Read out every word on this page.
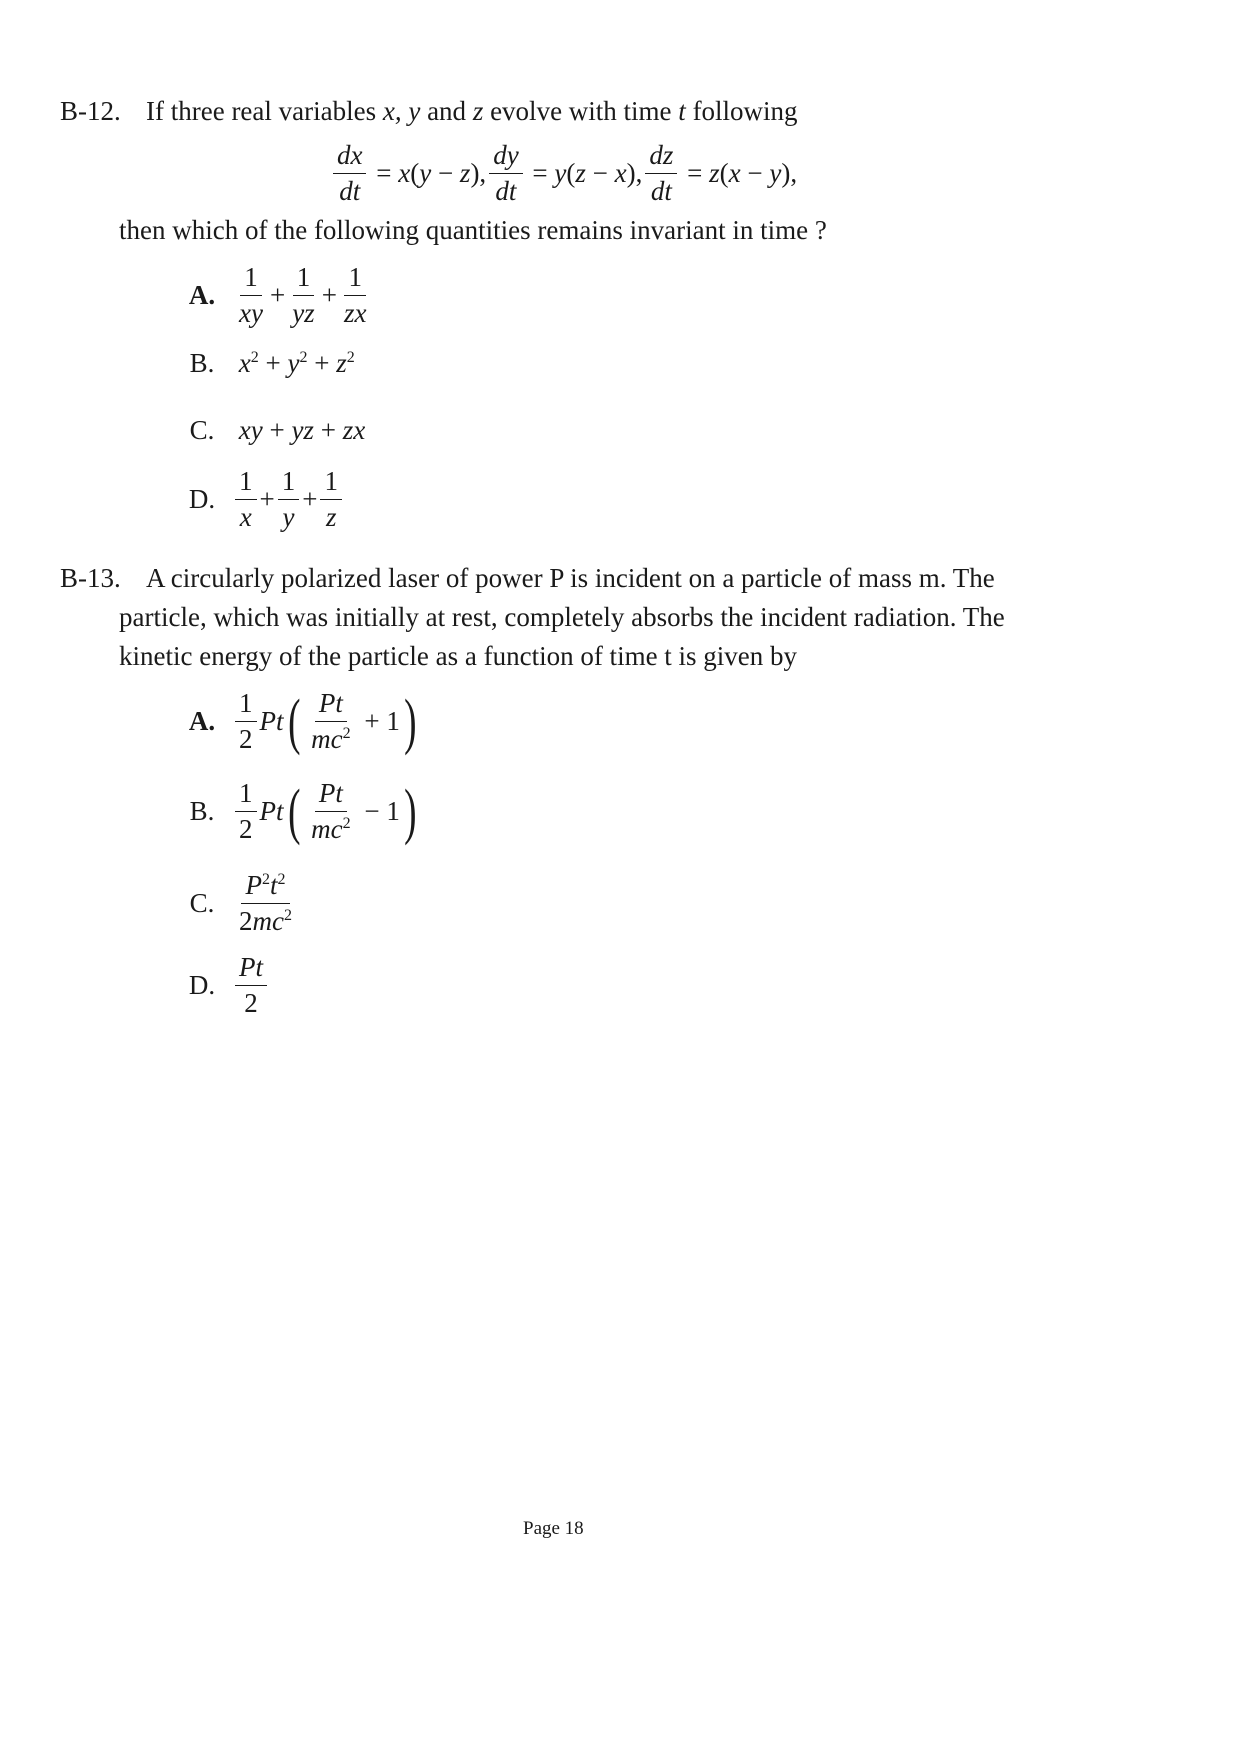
B-12. If three real variables x, y and z evolve with time t following
$\frac{dx}{dt} = x(y - z)$, $\frac{dy}{dt} = y(z - x)$, $\frac{dz}{dt} = z(x - y)$,
then which of the following quantities remains invariant in time ?
A. $\frac{1}{xy} + \frac{1}{yz} + \frac{1}{zx}$
B. $x^2 + y^2 + z^2$
C. xy + yz + zx
D. $\frac{1}{x} + \frac{1}{y} + \frac{1}{z}$
B-13. A circularly polarized laser of power P is incident on a particle of mass m. The
particle, which was initially at rest, completely absorbs the incident radiation. The
kinetic energy of the particle as a function of time t is given by
A. $\frac{1}{2}$ Pt ( $\frac{Pt}{mc^2} + 1$ )
B. $\frac{1}{2}$ Pt ( $\frac{Pt}{mc^2} - 1$ )
C. $\frac{P^2t^2}{2mc^2}$
D. $\frac{Pt}{2}$
Page 18
